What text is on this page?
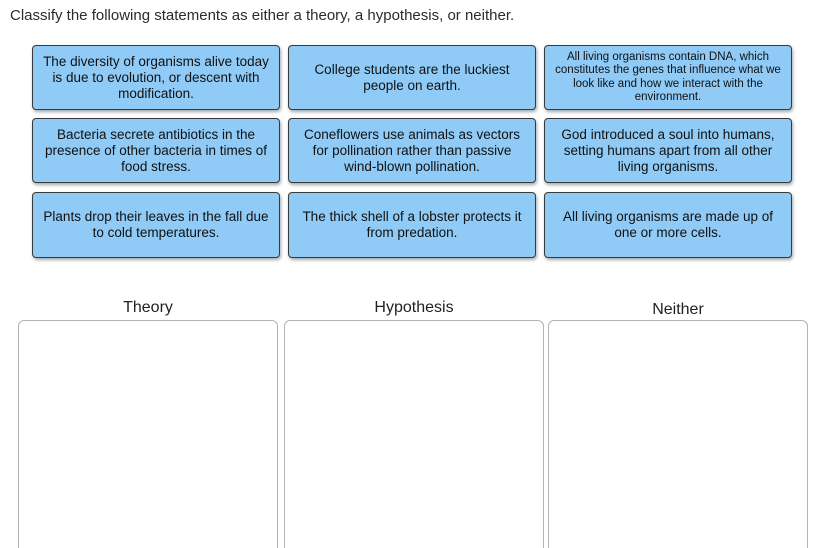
Classify the following statements as either a theory, a hypothesis, or neither.
The diversity of organisms alive today is due to evolution, or descent with modification.
College students are the luckiest people on earth.
All living organisms contain DNA, which constitutes the genes that influence what we look like and how we interact with the environment.
Bacteria secrete antibiotics in the presence of other bacteria in times of food stress.
Coneflowers use animals as vectors for pollination rather than passive wind-blown pollination.
God introduced a soul into humans, setting humans apart from all other living organisms.
Plants drop their leaves in the fall due to cold temperatures.
The thick shell of a lobster protects it from predation.
All living organisms are made up of one or more cells.
Theory	Hypothesis	Neither
